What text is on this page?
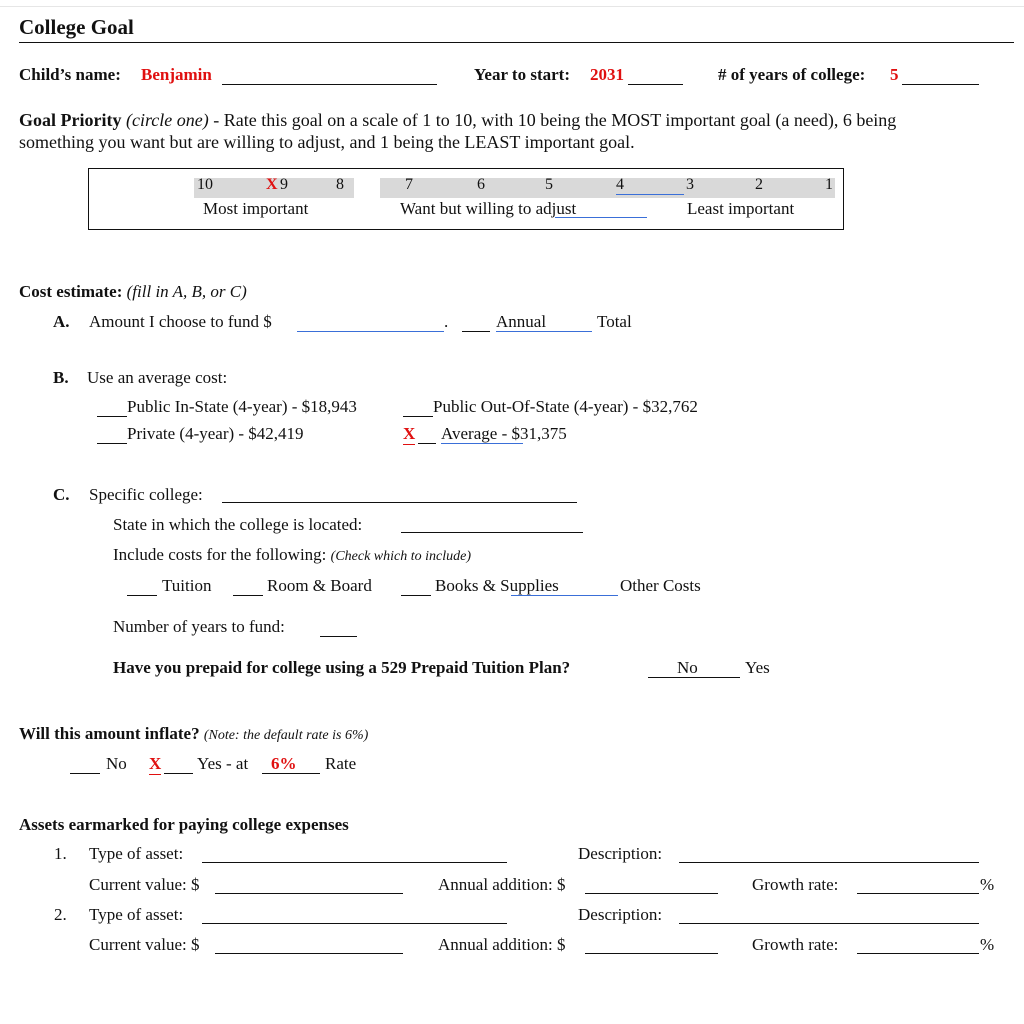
College Goal
Child’s name: Benjamin	Year to start: 2031	# of years of college: 5
Goal Priority (circle one) - Rate this goal on a scale of 1 to 10, with 10 being the MOST important goal (a need), 6 being
something you want but are willing to adjust, and 1 being the LEAST important goal.
10	X 9	8	7	6	5	4	3	2	1
Most important	Want but willing to adjust	Least important
Cost estimate: (fill in A, B, or C)
A. Amount I choose to fund $	.	Annual	Total
B. Use an average cost:
Public In-State (4-year) - $18,943	Public Out-Of-State (4-year) - $32,762
Private (4-year) - $42,419	X Average - $31,375
C. Specific college:
State in which the college is located:
Include costs for the following: (Check which to include)
Tuition	Room & Board	Books & Supplies	Other Costs
Number of years to fund:
Have you prepaid for college using a 529 Prepaid Tuition Plan?	No	Yes
Will this amount inflate? (Note: the default rate is 6%)
No X Yes - at 6% Rate
Assets earmarked for paying college expenses
1. Type of asset:	Description:
Current value: $	Annual addition: $	Growth rate:	%
2. Type of asset:	Description:
Current value: $	Annual addition: $	Growth rate:	%
